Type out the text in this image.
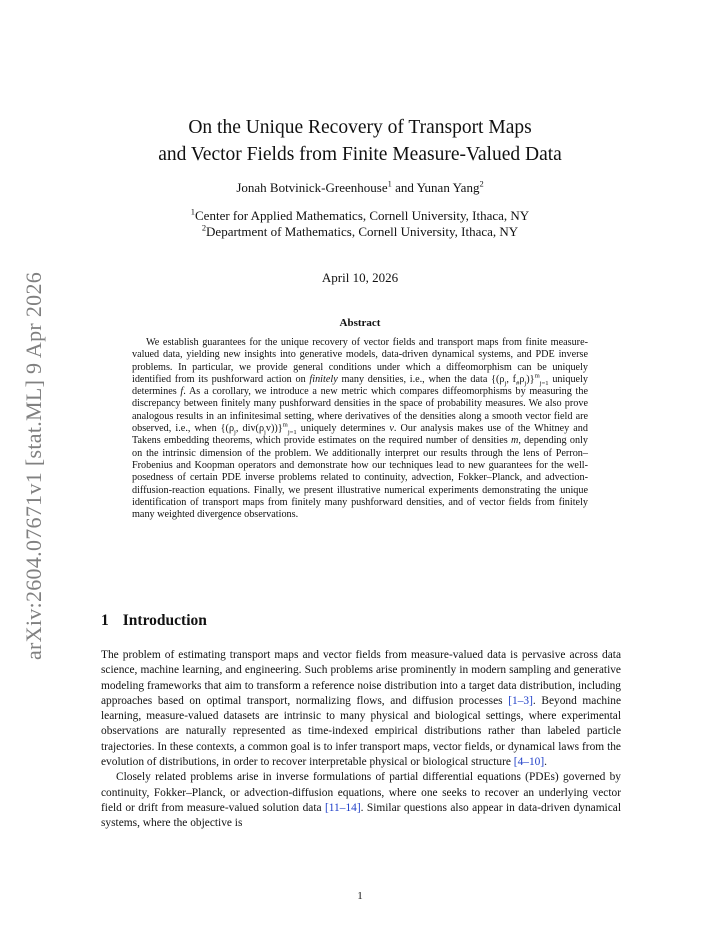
arXiv:2604.07671v1 [stat.ML] 9 Apr 2026
On the Unique Recovery of Transport Maps
and Vector Fields from Finite Measure-Valued Data
Jonah Botvinick-Greenhouse$^1$ and Yunan Yang$^2$
$^1$Center for Applied Mathematics, Cornell University, Ithaca, NY
$^2$Department of Mathematics, Cornell University, Ithaca, NY
April 10, 2026
Abstract
We establish guarantees for the unique recovery of vector fields and transport maps from finite measure-valued data, yielding new insights into generative models, data-driven dynamical systems, and PDE inverse problems. In particular, we provide general conditions under which a diffeomorphism can be uniquely identified from its pushforward action on finitely many densities, i.e., when the data {($\rho_j$, $f_{\#}\rho_j)\}^m_{j=1}$ uniquely determines f. As a corollary, we introduce a new metric which compares diffeomorphisms by measuring the discrepancy between finitely many pushforward densities in the space of probability measures. We also prove analogous results in an infinitesimal setting, where derivatives of the densities along a smooth vector field are observed, i.e., when {($\rho_j$, $div(\rho_jv))\}^m_{j=1}$ uniquely determines v. Our analysis makes use of the Whitney and Takens embedding theorems, which provide estimates on the required number of densities m, depending only on the intrinsic dimension of the problem. We additionally interpret our results through the lens of Perron–Frobenius and Koopman operators and demonstrate how our techniques lead to new guarantees for the well-posedness of certain PDE inverse problems related to continuity, advection, Fokker–Planck, and advection-diffusion-reaction equations. Finally, we present illustrative numerical experiments demonstrating the unique identification of transport maps from finitely many pushforward densities, and of vector fields from finitely many weighted divergence observations.
1 Introduction

The problem of estimating transport maps and vector fields from measure-valued data is pervasive across data science, machine learning, and engineering. Such problems arise prominently in modern sampling and generative modeling frameworks that aim to transform a reference noise distribution into a target data distribution, including approaches based on optimal transport, normalizing flows, and diffusion processes [1–3]. Beyond machine learning, measure-valued datasets are intrinsic to many physical and biological settings, where experimental observations are naturally represented as time-indexed empirical distributions rather than labeled particle trajectories. In these contexts, a common goal is to infer transport maps, vector fields, or dynamical laws from the evolution of distributions, in order to recover interpretable physical or biological structure [4–10].

Closely related problems arise in inverse formulations of partial differential equations (PDEs) governed by continuity, Fokker–Planck, or advection-diffusion equations, where one seeks to recover an underlying vector field or drift from measure-valued solution data [11–14]. Similar questions also appear in data-driven dynamical systems, where the objective is

1
